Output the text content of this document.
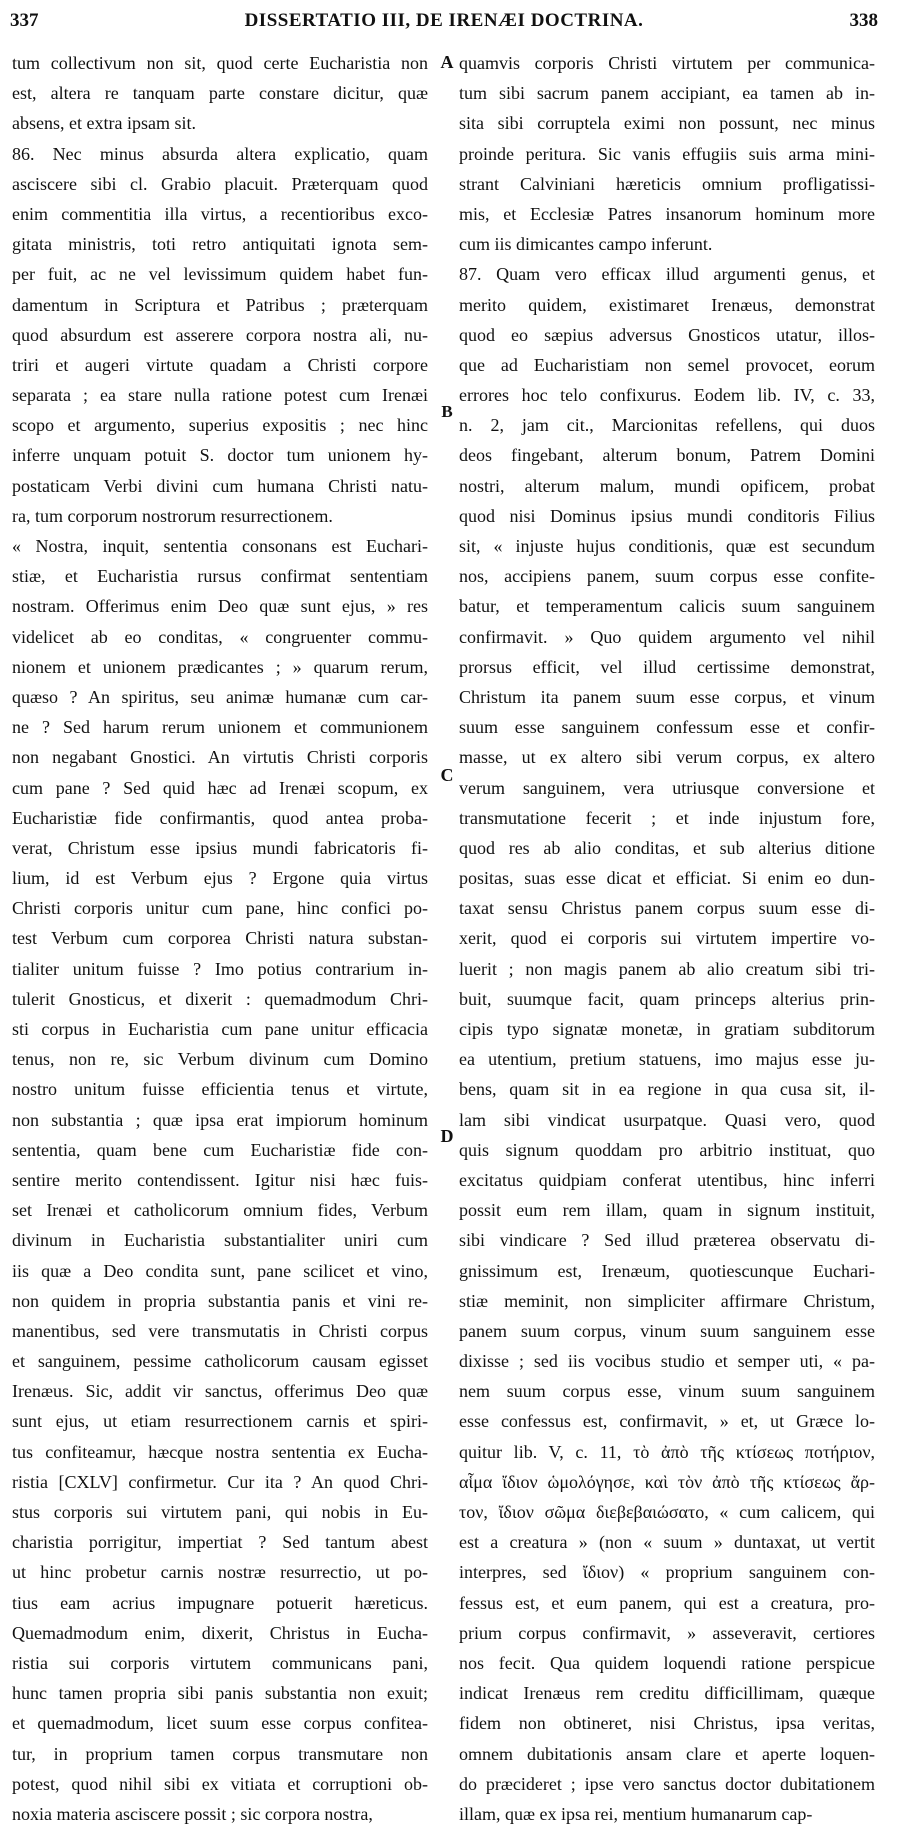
337	DISSERTATIO III, DE IRENÆI DOCTRINA.	338
A
B
C
D
tum collectivum non sit, quod certe Eucharistia non
est, altera re tanquam parte constare dicitur, quæ
absens, et extra ipsam sit.
86. Nec minus absurda altera explicatio, quam
asciscere sibi cl. Grabio placuit. Præterquam quod
enim commentitia illa virtus, a recentioribus exco-
gitata ministris, toti retro antiquitati ignota sem-
per fuit, ac ne vel levissimum quidem habet fun-
damentum in Scriptura et Patribus ; præterquam
quod absurdum est asserere corpora nostra ali, nu-
triri et augeri virtute quadam a Christi corpore
separata ; ea stare nulla ratione potest cum Irenæi
scopo et argumento, superius expositis ; nec hinc
inferre unquam potuit S. doctor tum unionem hy-
postaticam Verbi divini cum humana Christi natu-
ra, tum corporum nostrorum resurrectionem.
« Nostra, inquit, sententia consonans est Euchari-
stiæ, et Eucharistia rursus confirmat sententiam
nostram. Offerimus enim Deo quæ sunt ejus, » res
videlicet ab eo conditas, « congruenter commu-
nionem et unionem prædicantes ; » quarum rerum,
quæso ? An spiritus, seu animæ humanæ cum car-
ne ? Sed harum rerum unionem et communionem
non negabant Gnostici. An virtutis Christi corporis
cum pane ? Sed quid hæc ad Irenæi scopum, ex
Eucharistiæ fide confirmantis, quod antea proba-
verat, Christum esse ipsius mundi fabricatoris fi-
lium, id est Verbum ejus ? Ergone quia virtus
Christi corporis unitur cum pane, hinc confici po-
test Verbum cum corporea Christi natura substan-
tialiter unitum fuisse ? Imo potius contrarium in-
tulerit Gnosticus, et dixerit : quemadmodum Chri-
sti corpus in Eucharistia cum pane unitur efficacia
tenus, non re, sic Verbum divinum cum Domino
nostro unitum fuisse efficientia tenus et virtute,
non substantia ; quæ ipsa erat impiorum hominum
sententia, quam bene cum Eucharistiæ fide con-
sentire merito contendissent. Igitur nisi hæc fuis-
set Irenæi et catholicorum omnium fides, Verbum
divinum in Eucharistia substantialiter uniri cum
iis quæ a Deo condita sunt, pane scilicet et vino,
non quidem in propria substantia panis et vini re-
manentibus, sed vere transmutatis in Christi corpus
et sanguinem, pessime catholicorum causam egisset
Irenæus. Sic, addit vir sanctus, offerimus Deo quæ
sunt ejus, ut etiam resurrectionem carnis et spiri-
tus confiteamur, hæcque nostra sententia ex Eucha-
ristia [CXLV] confirmetur. Cur ita ? An quod Chri-
stus corporis sui virtutem pani, qui nobis in Eu-
charistia porrigitur, impertiat ? Sed tantum abest
ut hinc probetur carnis nostræ resurrectio, ut po-
tius eam acrius impugnare potuerit hæreticus.
Quemadmodum enim, dixerit, Christus in Eucha-
ristia sui corporis virtutem communicans pani,
hunc tamen propria sibi panis substantia non exuit;
et quemadmodum, licet suum esse corpus confitea-
tur, in proprium tamen corpus transmutare non
potest, quod nihil sibi ex vitiata et corruptioni ob-
noxia materia asciscere possit ; sic corpora nostra,
quamvis corporis Christi virtutem per communica-
tum sibi sacrum panem accipiant, ea tamen ab in-
sita sibi corruptela eximi non possunt, nec minus
proinde peritura. Sic vanis effugiis suis arma mini-
strant Calviniani hæreticis omnium profligatissi-
mis, et Ecclesiæ Patres insanorum hominum more
cum iis dimicantes campo inferunt.
87. Quam vero efficax illud argumenti genus, et
merito quidem, existimaret Irenæus, demonstrat
quod eo sæpius adversus Gnosticos utatur, illos-
que ad Eucharistiam non semel provocet, eorum
errores hoc telo confixurus. Eodem lib. IV, c. 33,
n. 2, jam cit., Marcionitas refellens, qui duos
deos fingebant, alterum bonum, Patrem Domini
nostri, alterum malum, mundi opificem, probat
quod nisi Dominus ipsius mundi conditoris Filius
sit, « injuste hujus conditionis, quæ est secundum
nos, accipiens panem, suum corpus esse confite-
batur, et temperamentum calicis suum sanguinem
confirmavit. » Quo quidem argumento vel nihil
prorsus efficit, vel illud certissime demonstrat,
Christum ita panem suum esse corpus, et vinum
suum esse sanguinem confessum esse et confir-
masse, ut ex altero sibi verum corpus, ex altero
verum sanguinem, vera utriusque conversione et
transmutatione fecerit ; et inde injustum fore,
quod res ab alio conditas, et sub alterius ditione
positas, suas esse dicat et efficiat. Si enim eo dun-
taxat sensu Christus panem corpus suum esse di-
xerit, quod ei corporis sui virtutem impertire vo-
luerit ; non magis panem ab alio creatum sibi tri-
buit, suumque facit, quam princeps alterius prin-
cipis typo signatæ monetæ, in gratiam subditorum
ea utentium, pretium statuens, imo majus esse ju-
bens, quam sit in ea regione in qua cusa sit, il-
lam sibi vindicat usurpatque. Quasi vero, quod
quis signum quoddam pro arbitrio instituat, quo
excitatus quidpiam conferat utentibus, hinc inferri
possit eum rem illam, quam in signum instituit,
sibi vindicare ? Sed illud præterea observatu di-
gnissimum est, Irenæum, quotiescunque Euchari-
stiæ meminit, non simpliciter affirmare Christum,
panem suum corpus, vinum suum sanguinem esse
dixisse ; sed iis vocibus studio et semper uti, « pa-
nem suum corpus esse, vinum suum sanguinem
esse confessus est, confirmavit, » et, ut Græce lo-
quitur lib. V, c. 11, τὸ ἀπὸ τῆς κτίσεως ποτήριον,
αἷμα ἴδιον ὡμολόγησε, καὶ τὸν ἀπὸ τῆς κτίσεως ἄρ-
τον, ἴδιον σῶμα διεβεβαιώσατο, « cum calicem, qui
est a creatura » (non « suum » duntaxat, ut vertit
interpres, sed ἴδιον) « proprium sanguinem con-
fessus est, et eum panem, qui est a creatura, pro-
prium corpus confirmavit, » asseveravit, certiores
nos fecit. Qua quidem loquendi ratione perspicue
indicat Irenæus rem creditu difficillimam, quæque
fidem non obtineret, nisi Christus, ipsa veritas,
omnem dubitationis ansam clare et aperte loquen-
do præcideret ; ipse vero sanctus doctor dubitationem
illam, quæ ex ipsa rei, mentium humanarum cap-
